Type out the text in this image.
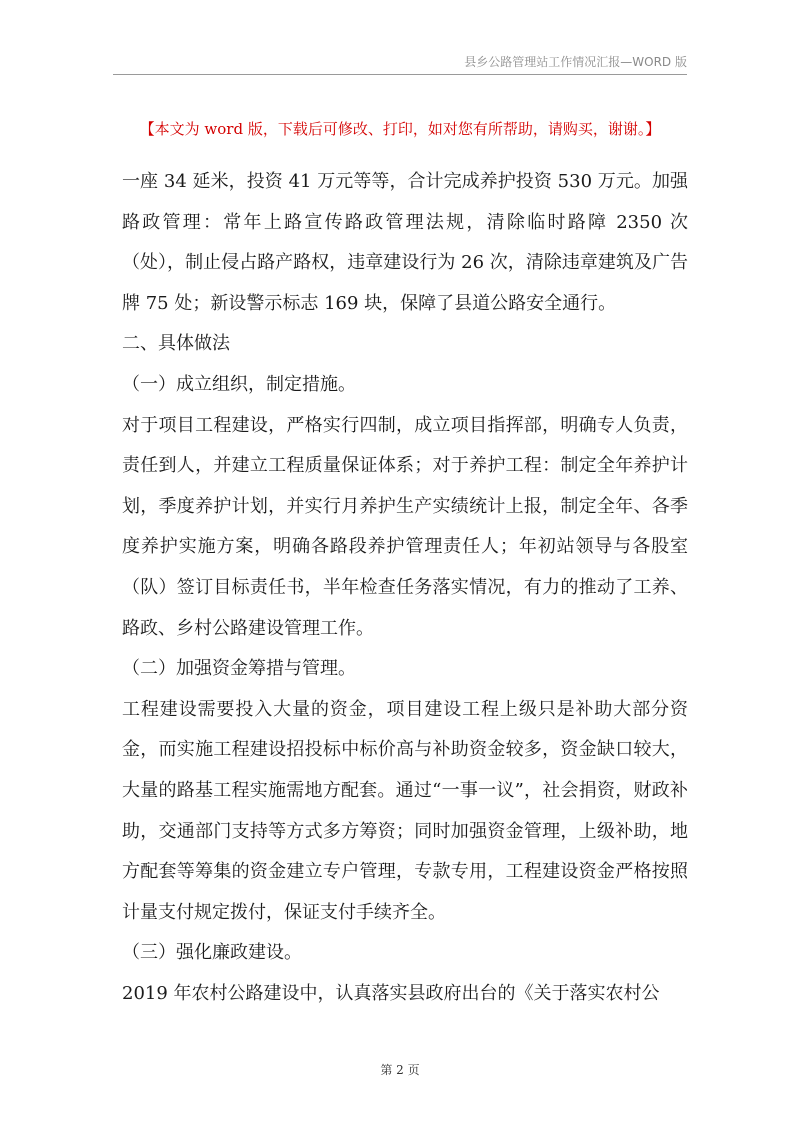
县乡公路管理站工作情况汇报—WORD 版
【本文为 word 版，下载后可修改、打印，如对您有所帮助，请购买，谢谢。】

一座 34 延米，投资 41 万元等等，合计完成养护投资 530 万元。加强路政管理：常年上路宣传路政管理法规，清除临时路障 2350 次（处），制止侵占路产路权，违章建设行为 26 次，清除违章建筑及广告牌 75 处；新设警示标志 169 块，保障了县道公路安全通行。

二、具体做法

（一）成立组织，制定措施。

对于项目工程建设，严格实行四制，成立项目指挥部，明确专人负责，责任到人，并建立工程质量保证体系；对于养护工程：制定全年养护计划，季度养护计划，并实行月养护生产实绩统计上报，制定全年、各季度养护实施方案，明确各路段养护管理责任人；年初站领导与各股室（队）签订目标责任书，半年检查任务落实情况，有力的推动了工养、路政、乡村公路建设管理工作。

（二）加强资金筹措与管理。

工程建设需要投入大量的资金，项目建设工程上级只是补助大部分资金，而实施工程建设招投标中标价高与补助资金较多，资金缺口较大，大量的路基工程实施需地方配套。通过“一事一议”，社会捐资，财政补助，交通部门支持等方式多方筹资；同时加强资金管理，上级补助，地方配套等筹集的资金建立专户管理，专款专用，工程建设资金严格按照计量支付规定拨付，保证支付手续齐全。

（三）强化廉政建设。

2019 年农村公路建设中，认真落实县政府出台的《关于落实农村公

第 2 页
